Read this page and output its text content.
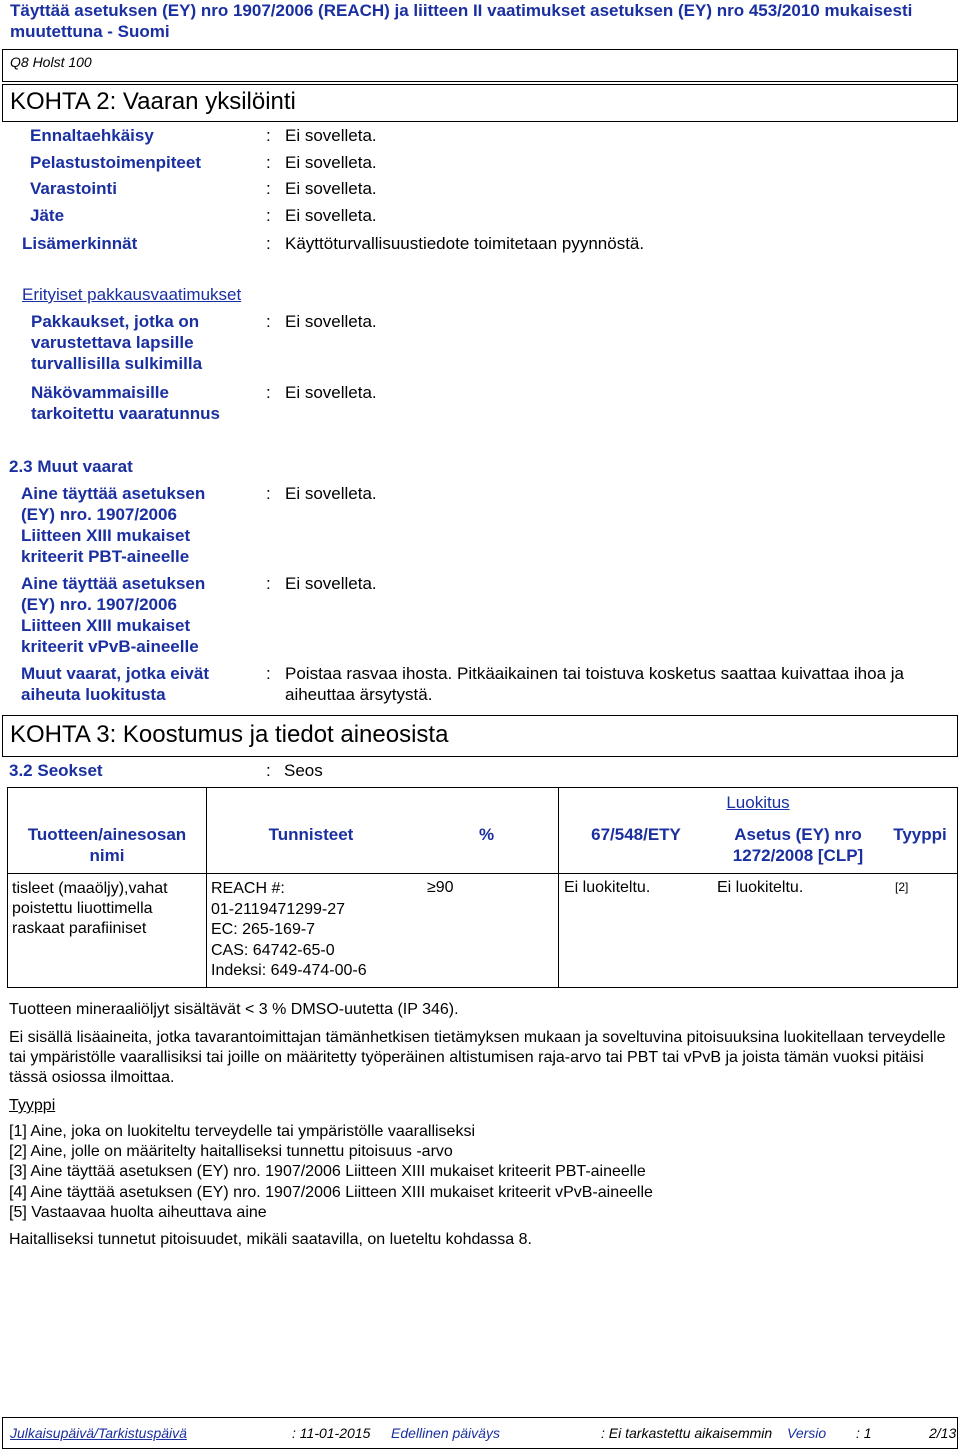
Täyttää asetuksen (EY) nro 1907/2006 (REACH) ja liitteen II vaatimukset asetuksen (EY) nro 453/2010 mukaisesti muutettuna - Suomi
Q8 Holst 100
KOHTA 2: Vaaran yksilöinti
Ennaltaehkäisy	: Ei sovelleta.
Pelastustoimenpiteet	: Ei sovelleta.
Varastointi	: Ei sovelleta.
Jäte	: Ei sovelleta.
Lisämerkinnät	: Käyttöturvallisuustiedote toimitetaan pyynnöstä.
Erityiset pakkausvaatimukset
Pakkaukset, jotka on varustettava lapsille turvallisilla sulkimilla
: Ei sovelleta.
Näkövammaisille tarkoitettu vaaratunnus
: Ei sovelleta.
2.3 Muut vaarat
Aine täyttää asetuksen (EY) nro. 1907/2006 Liitteen XIII mukaiset kriteerit PBT-aineelle
: Ei sovelleta.
Aine täyttää asetuksen (EY) nro. 1907/2006 Liitteen XIII mukaiset kriteerit vPvB-aineelle
: Ei sovelleta.
Muut vaarat, jotka eivät aiheuta luokitusta
: Poistaa rasvaa ihosta. Pitkäaikainen tai toistuva kosketus saattaa kuivattaa ihoa ja aiheuttaa ärsytystä.
KOHTA 3: Koostumus ja tiedot aineosista
3.2 Seokset	: Seos
			Luokitus		
Tuotteen/ainesosan nimi	Tunnisteet	%	67/548/ETY	Asetus (EY) nro 1272/2008 [CLP]	Tyyppi
tisleet (maaöljy),vahat poistettu liuottimella raskaat parafiiniset	REACH #:
01-2119471299-27
EC: 265-169-7
CAS: 64742-65-0
Indeksi: 649-474-00-6	≥90	Ei luokiteltu.	Ei luokiteltu.	[2]
Tuotteen mineraaliöljyt sisältävät < 3 % DMSO-uutetta (IP 346).
Ei sisällä lisäaineita, jotka tavarantoimittajan tämänhetkisen tietämyksen mukaan ja soveltuvina pitoisuuksina luokitellaan terveydelle tai ympäristölle vaarallisiksi tai joille on määritetty työperäinen altistumisen raja-arvo tai PBT tai vPvB ja joista tämän vuoksi pitäisi tässä osiossa ilmoittaa.
Tyyppi
[1] Aine, joka on luokiteltu terveydelle tai ympäristölle vaaralliseksi
[2] Aine, jolle on määritelty haitalliseksi tunnettu pitoisuus -arvo
[3] Aine täyttää asetuksen (EY) nro. 1907/2006 Liitteen XIII mukaiset kriteerit PBT-aineelle
[4] Aine täyttää asetuksen (EY) nro. 1907/2006 Liitteen XIII mukaiset kriteerit vPvB-aineelle
[5] Vastaavaa huolta aiheuttava aine
Haitalliseksi tunnetut pitoisuudet, mikäli saatavilla, on lueteltu kohdassa 8.
Julkaisupäivä/Tarkistuspäivä	: 11-01-2015 Edellinen päiväys	: Ei tarkastettu aikaisemmin Versio : 1	2/13
